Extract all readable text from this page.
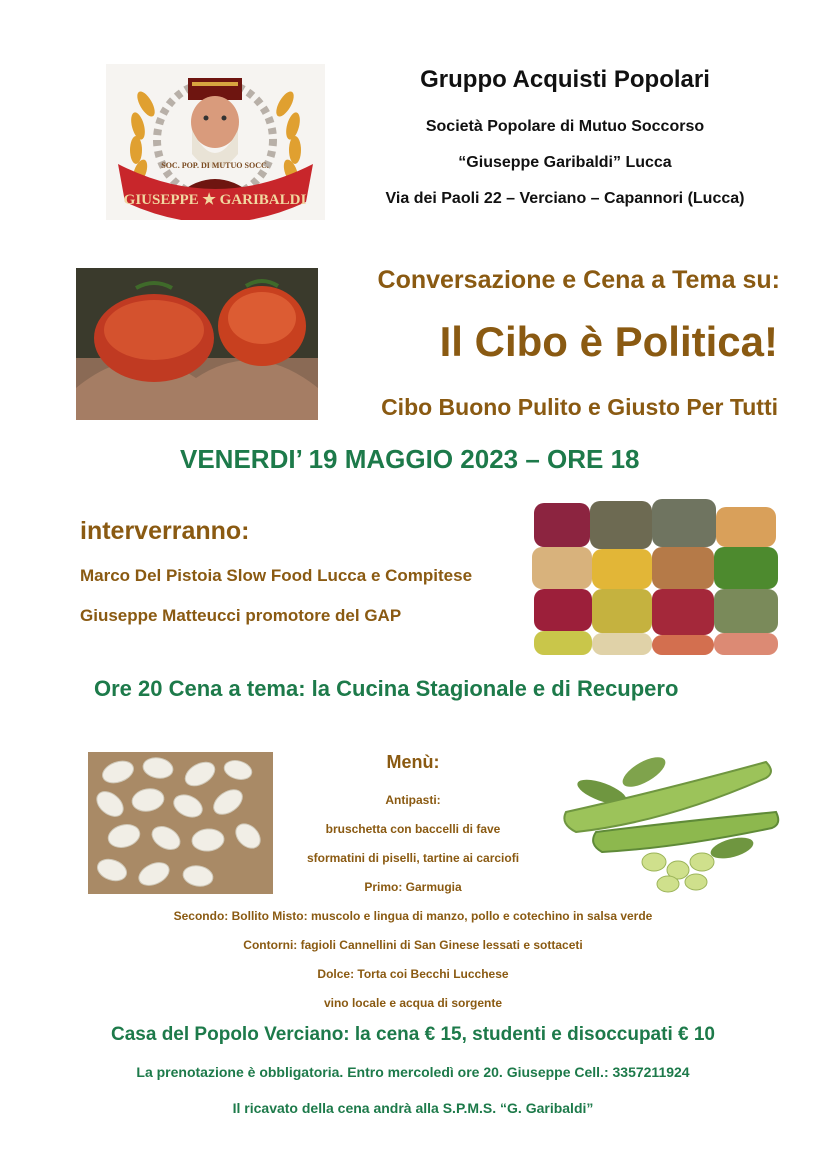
SOC. POP. DI MUTUO SOCC.
GIUSEPPE ★ GARIBALDI
Gruppo Acquisti Popolari
Società Popolare di Mutuo Soccorso
“Giuseppe Garibaldi” Lucca
Via dei Paoli 22 – Verciano – Capannori (Lucca)
Conversazione e Cena a Tema su:
Il Cibo è Politica!
Cibo Buono Pulito e Giusto Per Tutti
VENERDI’ 19 MAGGIO 2023 – ORE 18
interverranno:
Marco Del Pistoia Slow Food Lucca e Compitese
Giuseppe Matteucci promotore del GAP
Ore 20 Cena a tema: la Cucina Stagionale e di Recupero
Menù:
Antipasti:
bruschetta con baccelli di fave
sformatini di piselli, tartine ai carciofi
Primo: Garmugia
Secondo: Bollito Misto: muscolo e lingua di manzo, pollo e cotechino in salsa verde
Contorni: fagioli Cannellini di San Ginese lessati e sottaceti
Dolce: Torta coi Becchi Lucchese
vino locale e acqua di sorgente
Casa del Popolo Verciano: la cena € 15, studenti e disoccupati € 10
La prenotazione è obbligatoria. Entro mercoledì ore 20. Giuseppe Cell.: 3357211924
Il ricavato della cena andrà alla S.P.M.S. “G. Garibaldi”
